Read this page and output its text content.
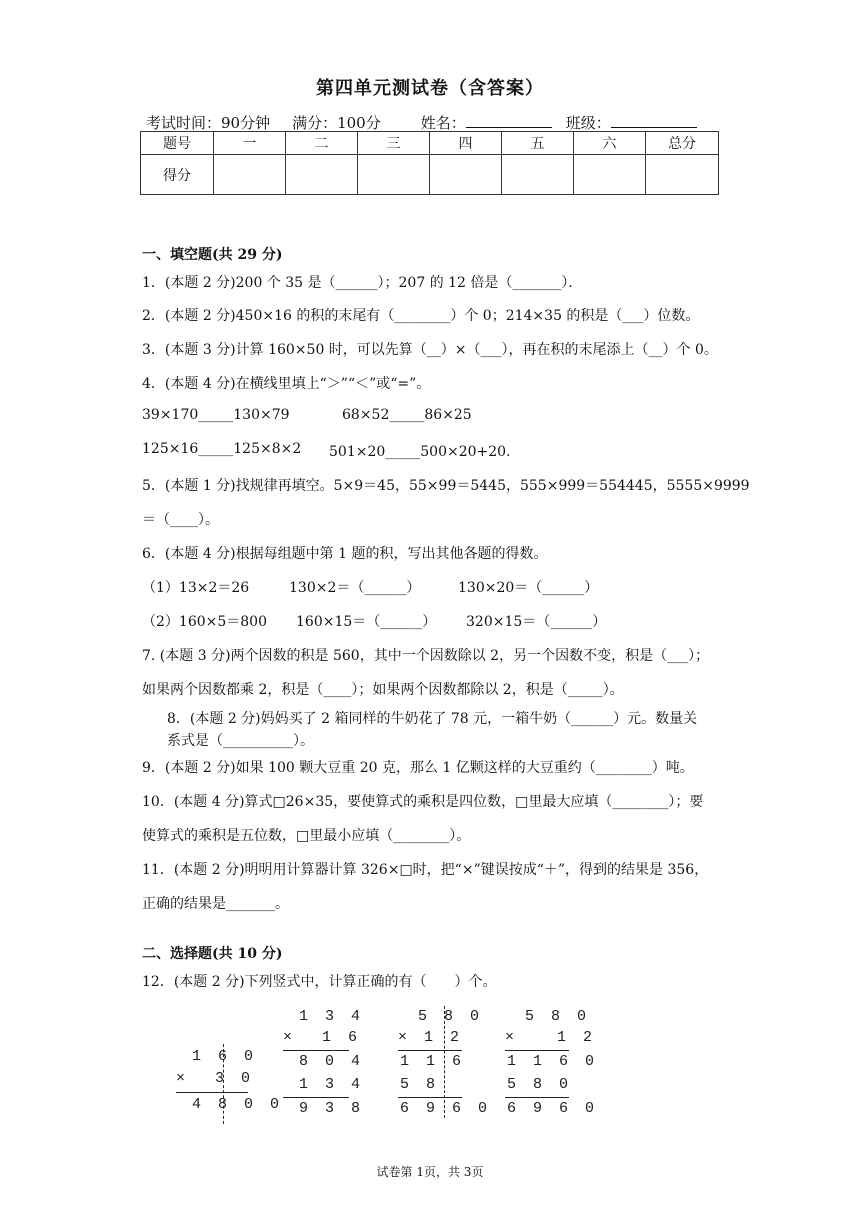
第四单元测试卷（含答案）
考试时间：90分钟 满分：100分	姓名：	班级：
题号	一	二	三	四	五	六	总分
得分							
一、填空题(共 29 分)
1．(本题 2 分)200 个 35 是（______）；207 的 12 倍是（_______）．
2．(本题 2 分)450×16 的积的末尾有（________）个 0；214×35 的积是（___）位数。
3．(本题 3 分)计算 160×50 时，可以先算（__）×（___），再在积的末尾添上（__）个 0。
4．(本题 4 分)在横线里填上“＞”“＜”或“=”。
39×170_____130×79	68×52_____86×25
125×16_____125×8×2 501×20_____500×20+20．
5．(本题 1 分)找规律再填空。5×9＝45，55×99＝5445，555×999＝554445，5555×9999
＝（____）。
6．(本题 4 分)根据每组题中第 1 题的积，写出其他各题的得数。
（1）13×2＝26	130×2＝（______）	130×20＝（______）
（2）160×5＝800 160×15＝（______） 320×15＝（______）
7. (本题 3 分)两个因数的积是 560，其中一个因数除以 2，另一个因数不变，积是（___）；
如果两个因数都乘 2，积是（____）；如果两个因数都除以 2，积是（_____）。
8．(本题 2 分)妈妈买了 2 箱同样的牛奶花了 78 元，一箱牛奶（______）元。数量关
系式是（__________）。
9．(本题 2 分)如果 100 颗大豆重 20 克，那么 1 亿颗这样的大豆重约（________）吨。
10．(本题 4 分)算式□26×35，要使算式的乘积是四位数，□里最大应填（________）；要
使算式的乘积是五位数，□里最小应填（________）。
11．(本题 2 分)明明用计算器计算 326×□时，把“×”键误按成“＋”，得到的结果是 356，
正确的结果是_______。
二、选择题(共 10 分)
12．(本题 2 分)下列竖式中，计算正确的有（　　）个。
1 6 0
×  3 0
4 8 0 0
1 3 4
×  1 6
8 0 4
1 3 4
9 3 8
5 8 0
× 1 2
1 1 6
5 8
6 9 6 0
5 8 0
×   1 2
1 1 6 0
5 8 0
6 9 6 0
试卷第 1页，共 3页
